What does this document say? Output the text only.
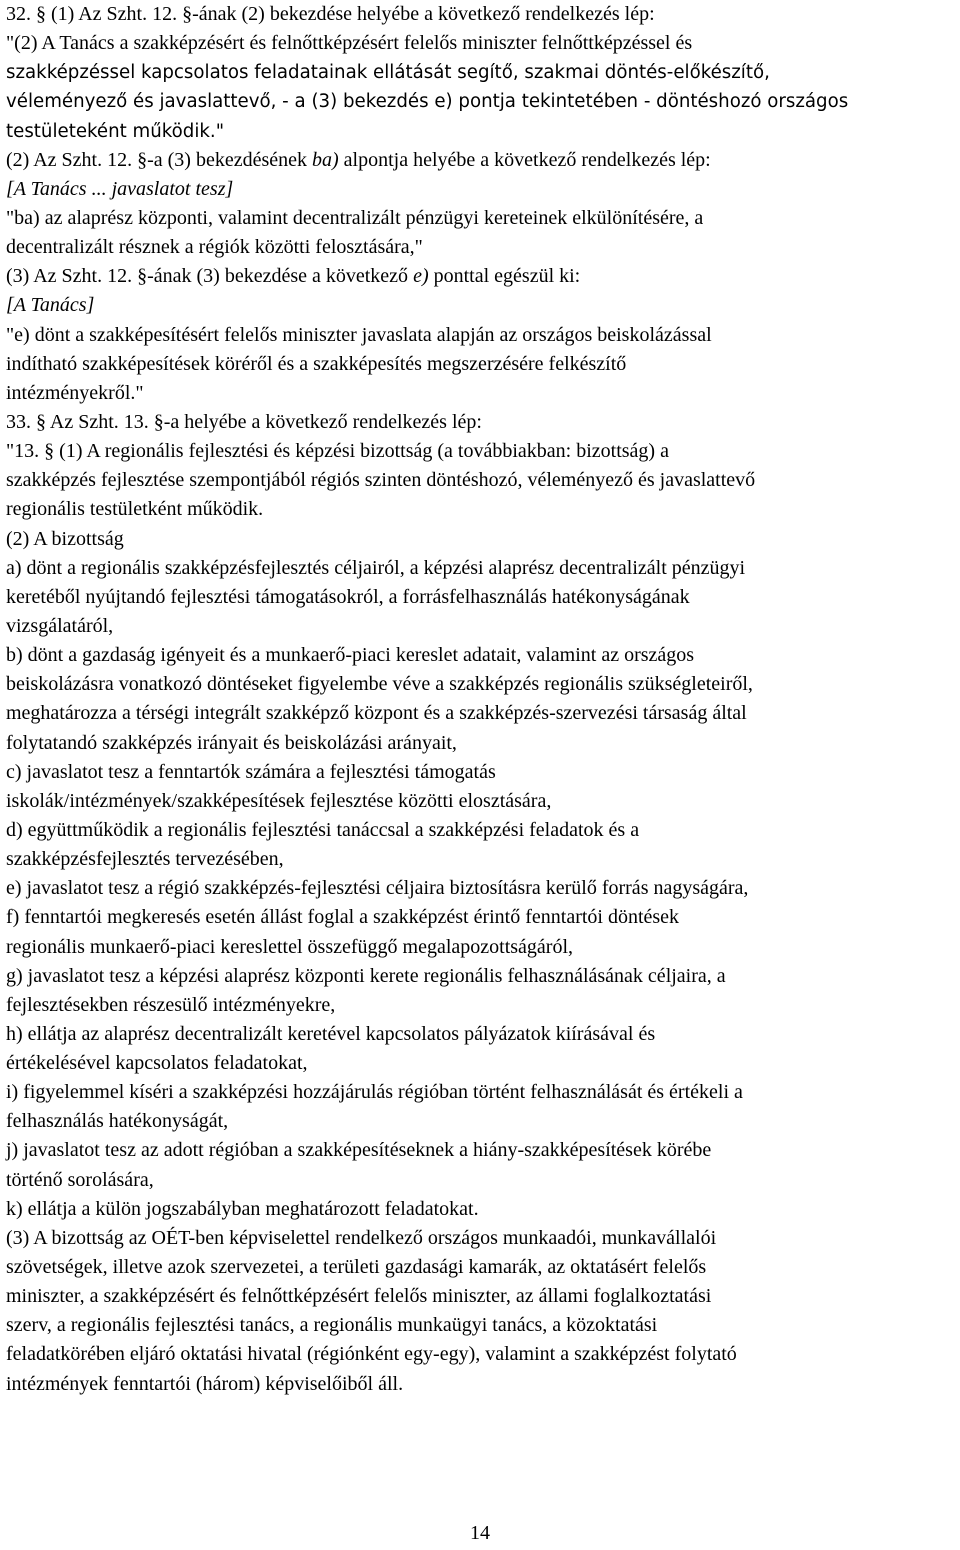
32. § (1) Az Szht. 12. §-ának (2) bekezdése helyébe a következő rendelkezés lép:
"(2) A Tanács a szakképzésért és felnőttképzésért felelős miniszter felnőttképzéssel és
szakképzéssel kapcsolatos feladatainak ellátását segítő, szakmai döntés-előkészítő,
véleményező és javaslattevő, - a (3) bekezdés e) pontja tekintetében - döntéshozó országos
testületeként működik."
(2) Az Szht. 12. §-a (3) bekezdésének ba) alpontja helyébe a következő rendelkezés lép:
[A Tanács ... javaslatot tesz]
"ba) az alaprész központi, valamint decentralizált pénzügyi kereteinek elkülönítésére, a
decentralizált résznek a régiók közötti felosztására,"
(3) Az Szht. 12. §-ának (3) bekezdése a következő e) ponttal egészül ki:
[A Tanács]
"e) dönt a szakképesítésért felelős miniszter javaslata alapján az országos beiskolázással
indítható szakképesítések köréről és a szakképesítés megszerzésére felkészítő
intézményekről."
33. § Az Szht. 13. §-a helyébe a következő rendelkezés lép:
"13. § (1) A regionális fejlesztési és képzési bizottság (a továbbiakban: bizottság) a
szakképzés fejlesztése szempontjából régiós szinten döntéshozó, véleményező és javaslattevő
regionális testületként működik.
(2) A bizottság
a) dönt a regionális szakképzésfejlesztés céljairól, a képzési alaprész decentralizált pénzügyi
keretéből nyújtandó fejlesztési támogatásokról, a forrásfelhasználás hatékonyságának
vizsgálatáról,
b) dönt a gazdaság igényeit és a munkaerő-piaci kereslet adatait, valamint az országos
beiskolázásra vonatkozó döntéseket figyelembe véve a szakképzés regionális szükségleteiről,
meghatározza a térségi integrált szakképző központ és a szakképzés-szervezési társaság által
folytatandó szakképzés irányait és beiskolázási arányait,
c) javaslatot tesz a fenntartók számára a fejlesztési támogatás
iskolák/intézmények/szakképesítések fejlesztése közötti elosztására,
d) együttműködik a regionális fejlesztési tanáccsal a szakképzési feladatok és a
szakképzésfejlesztés tervezésében,
e) javaslatot tesz a régió szakképzés-fejlesztési céljaira biztosításra kerülő forrás nagyságára,
f) fenntartói megkeresés esetén állást foglal a szakképzést érintő fenntartói döntések
regionális munkaerő-piaci kereslettel összefüggő megalapozottságáról,
g) javaslatot tesz a képzési alaprész központi kerete regionális felhasználásának céljaira, a
fejlesztésekben részesülő intézményekre,
h) ellátja az alaprész decentralizált keretével kapcsolatos pályázatok kiírásával és
értékelésével kapcsolatos feladatokat,
i) figyelemmel kíséri a szakképzési hozzájárulás régióban történt felhasználását és értékeli a
felhasználás hatékonyságát,
j) javaslatot tesz az adott régióban a szakképesítéseknek a hiány-szakképesítések körébe
történő sorolására,
k) ellátja a külön jogszabályban meghatározott feladatokat.
(3) A bizottság az OÉT-ben képviselettel rendelkező országos munkaadói, munkavállalói
szövetségek, illetve azok szervezetei, a területi gazdasági kamarák, az oktatásért felelős
miniszter, a szakképzésért és felnőttképzésért felelős miniszter, az állami foglalkoztatási
szerv, a regionális fejlesztési tanács, a regionális munkaügyi tanács, a közoktatási
feladatkörében eljáró oktatási hivatal (régiónként egy-egy), valamint a szakképzést folytató
intézmények fenntartói (három) képviselőiből áll.
14
